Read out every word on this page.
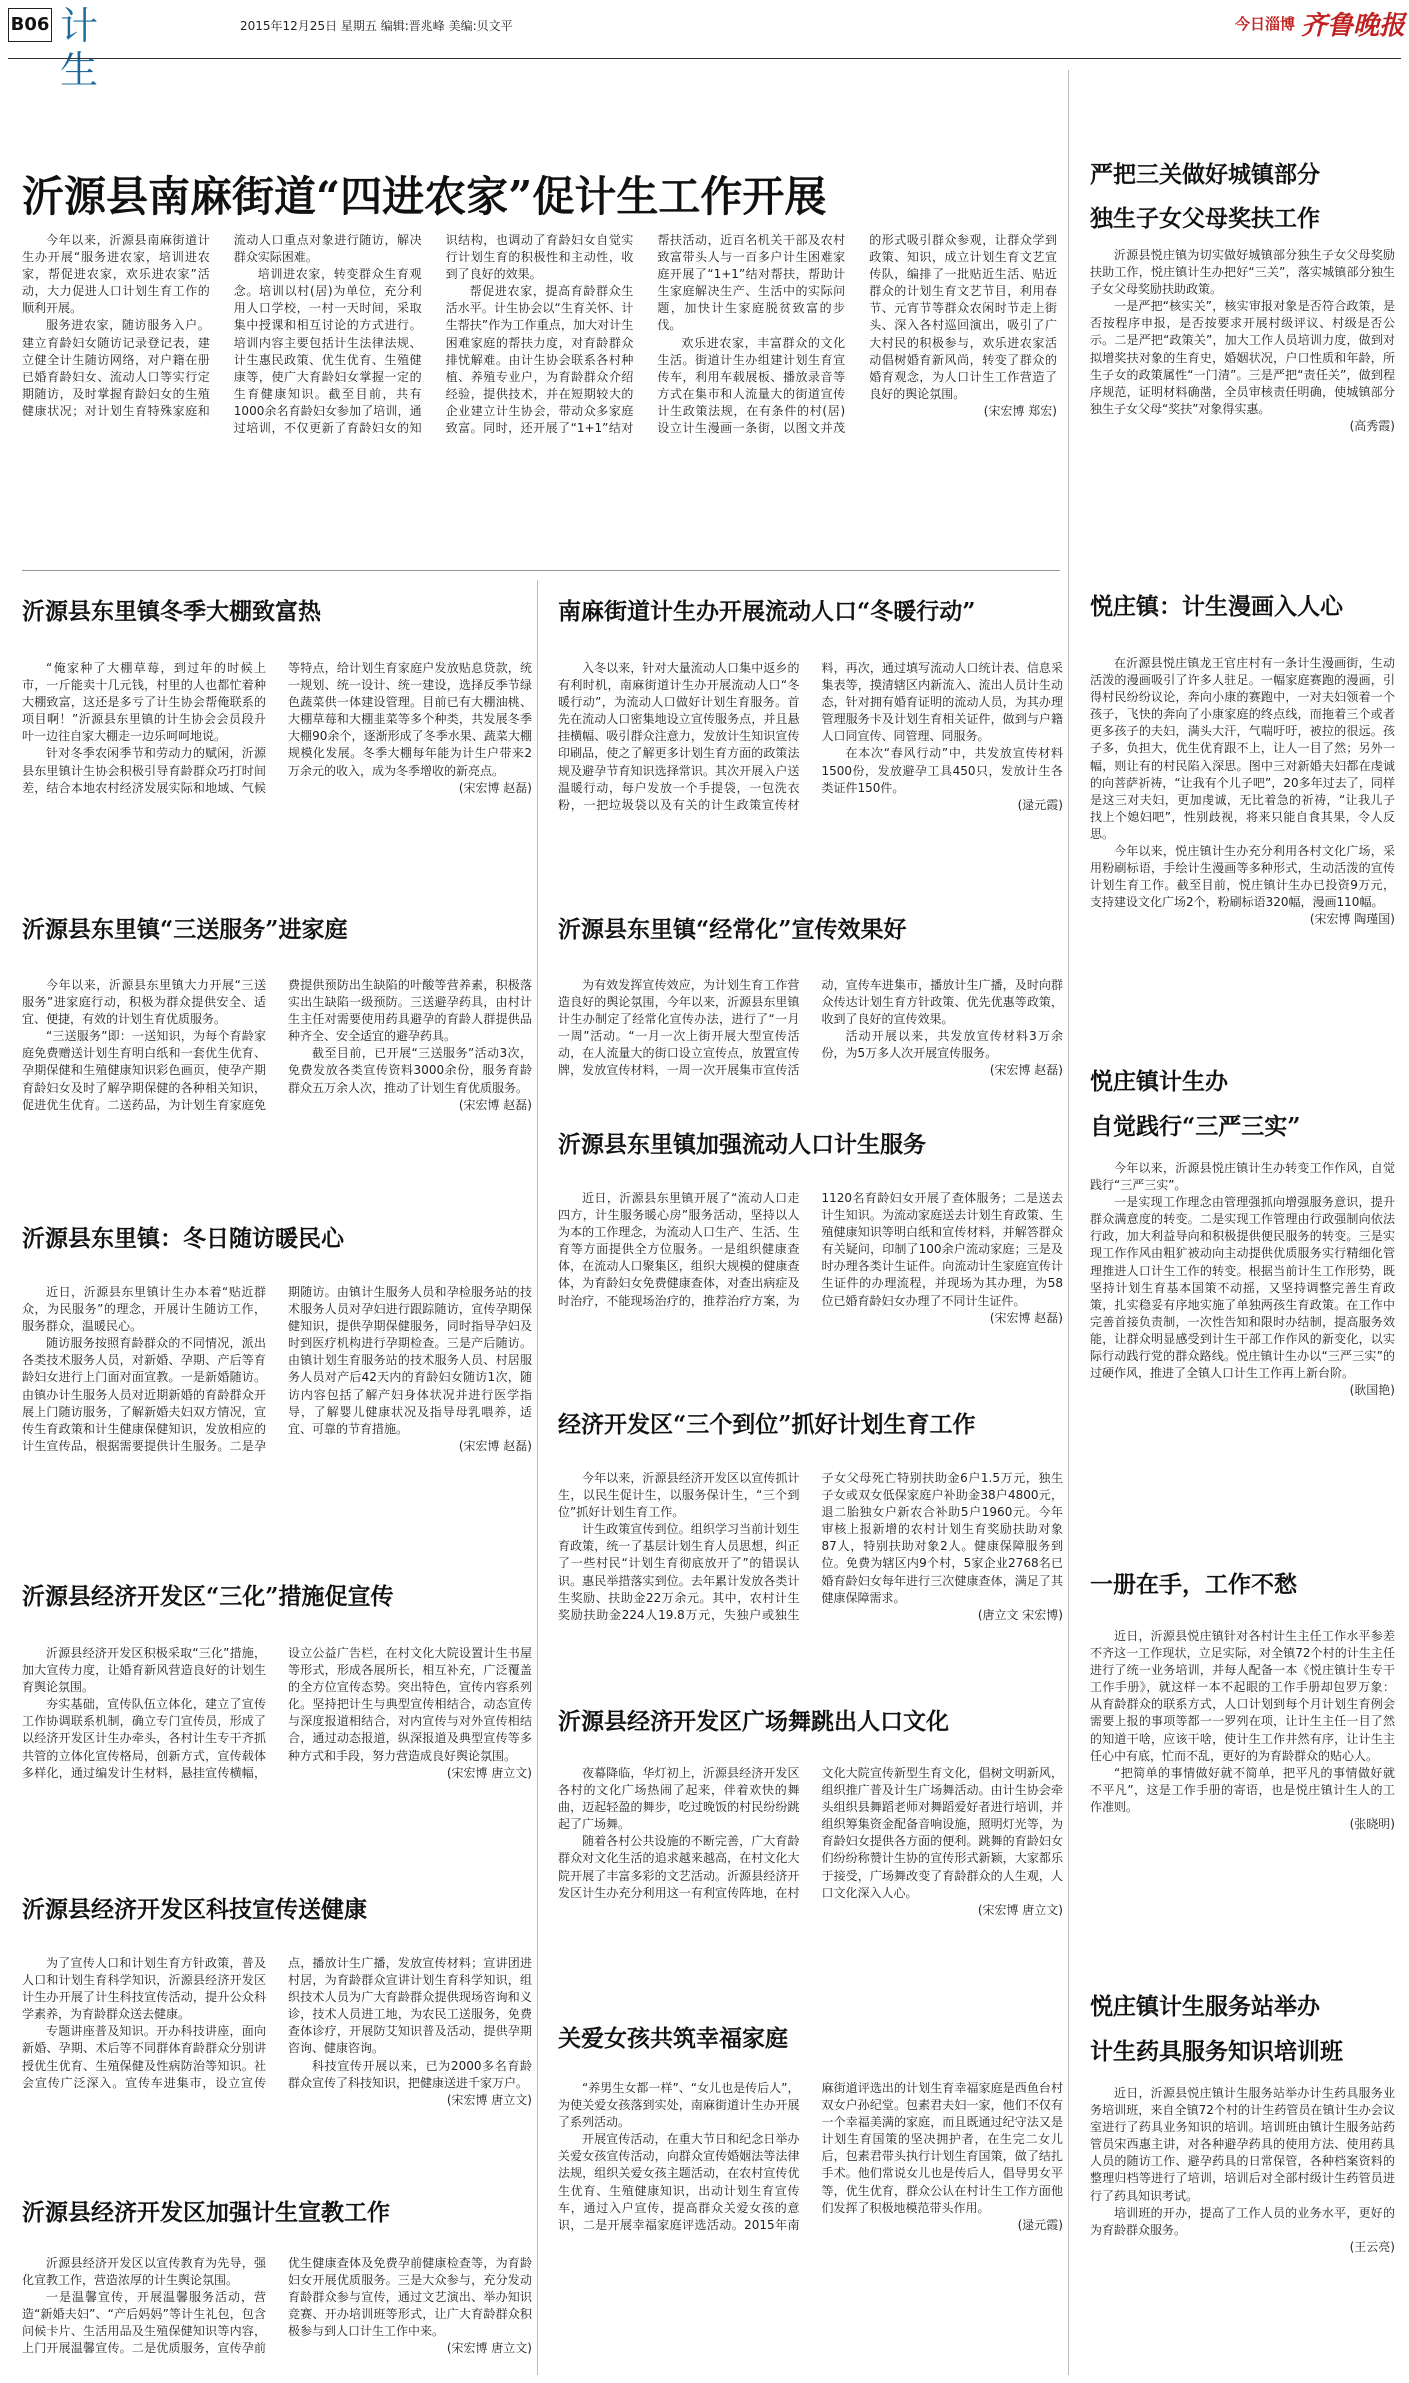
B06 计生
2015年12月25日 星期五 编辑:晋兆峰 美编:贝文平	今日淄博 齐鲁晚报
沂源县南麻街道“四进农家”促计生工作开展

今年以来，沂源县南麻街道计生办开展“服务进农家，培训进农家，帮促进农家，欢乐进农家”活动，大力促进人口计划生育工作的顺利开展。

服务进农家，随访服务入户。建立育龄妇女随访记录登记表，建立健全计生随访网络，对户籍在册已婚育龄妇女、流动人口等实行定期随访，及时掌握育龄妇女的生殖健康状况；对计划生育特殊家庭和流动人口重点对象进行随访，解决群众实际困难。

培训进农家，转变群众生育观念。培训以村(居)为单位，充分利用人口学校，一村一天时间，采取集中授课和相互讨论的方式进行。培训内容主要包括计生法律法规、计生惠民政策、优生优育、生殖健康等，使广大育龄妇女掌握一定的生育健康知识。截至目前，共有1000余名育龄妇女参加了培训，通过培训，不仅更新了育龄妇女的知识结构，也调动了育龄妇女自觉实行计划生育的积极性和主动性，收到了良好的效果。

帮促进农家，提高育龄群众生活水平。计生协会以“生育关怀、计生帮扶”作为工作重点，加大对计生困难家庭的帮扶力度，对育龄群众排忧解难。由计生协会联系各村种植、养殖专业户，为育龄群众介绍经验，提供技术，并在短期较大的企业建立计生协会，带动众多家庭致富。同时，还开展了“1+1”结对帮扶活动，近百名机关干部及农村致富带头人与一百多户计生困难家庭开展了“1+1”结对帮扶，帮助计生家庭解决生产、生活中的实际问题，加快计生家庭脱贫致富的步伐。

欢乐进农家，丰富群众的文化生活。街道计生办组建计划生育宣传车，利用车载展板、播放录音等方式在集市和人流量大的街道宣传计生政策法规，在有条件的村(居)设立计生漫画一条街，以图文并茂的形式吸引群众参观，让群众学到政策、知识，成立计划生育文艺宣传队，编排了一批贴近生活、贴近群众的计划生育文艺节目，利用春节、元宵节等群众农闲时节走上街头、深入各村巡回演出，吸引了广大村民的积极参与，欢乐进农家活动倡树婚育新风尚，转变了群众的婚育观念，为人口计生工作营造了良好的舆论氛围。

(宋宏博 郑宏)
沂源县东里镇冬季大棚致富热

“俺家种了大棚草莓，到过年的时候上市，一斤能卖十几元钱，村里的人也都忙着种大棚致富，这还是多亏了计生协会帮俺联系的项目啊！”沂源县东里镇的计生协会会员段升叶一边往自家大棚走一边乐呵呵地说。

针对冬季农闲季节和劳动力的赋闲，沂源县东里镇计生协会积极引导育龄群众巧打时间差，结合本地农村经济发展实际和地域、气候等特点，给计划生育家庭户发放贴息贷款，统一规划、统一设计、统一建设，选择反季节绿色蔬菜供一体建设管理。目前已有大棚油桃、大棚草莓和大棚韭菜等多个种类，共发展冬季大棚90余个，逐渐形成了冬季水果、蔬菜大棚规模化发展。冬季大棚每年能为计生户带来2万余元的收入，成为冬季增收的新亮点。

(宋宏博 赵磊)
沂源县东里镇“三送服务”进家庭

今年以来，沂源县东里镇大力开展“三送服务”进家庭行动，积极为群众提供安全、适宜、便捷，有效的计划生育优质服务。

“三送服务”即：一送知识，为每个育龄家庭免费赠送计划生育明白纸和一套优生优育、孕期保健和生殖健康知识彩色画页，使孕产期育龄妇女及时了解孕期保健的各种相关知识，促进优生优育。二送药品，为计划生育家庭免费提供预防出生缺陷的叶酸等营养素，积极落实出生缺陷一级预防。三送避孕药具，由村计生主任对需要使用药具避孕的育龄人群提供品种齐全、安全适宜的避孕药具。

截至目前，已开展“三送服务”活动3次，免费发放各类宣传资料3000余份，服务育龄群众五万余人次，推动了计划生育优质服务。

(宋宏博 赵磊)
沂源县东里镇：冬日随访暖民心

近日，沂源县东里镇计生办本着“贴近群众，为民服务”的理念，开展计生随访工作，服务群众，温暖民心。

随访服务按照育龄群众的不同情况，派出各类技术服务人员，对新婚、孕期、产后等育龄妇女进行上门面对面宣教。一是新婚随访。由镇办计生服务人员对近期新婚的育龄群众开展上门随访服务，了解新婚夫妇双方情况，宣传生育政策和计生健康保健知识，发放相应的计生宣传品，根据需要提供计生服务。二是孕期随访。由镇计生服务人员和孕检服务站的技术服务人员对孕妇进行跟踪随访，宣传孕期保健知识，提供孕期保健服务，同时指导孕妇及时到医疗机构进行孕期检查。三是产后随访。由镇计划生育服务站的技术服务人员、村居服务人员对产后42天内的育龄妇女随访1次，随访内容包括了解产妇身体状况并进行医学指导，了解婴儿健康状况及指导母乳喂养，适宜、可靠的节育措施。

(宋宏博 赵磊)
沂源县经济开发区“三化”措施促宣传

沂源县经济开发区积极采取“三化”措施，加大宣传力度，让婚育新风营造良好的计划生育舆论氛围。

夯实基础，宣传队伍立体化，建立了宣传工作协调联系机制，确立专门宣传员，形成了以经济开发区计生办牵头，各村计生专干齐抓共管的立体化宣传格局，创新方式，宣传载体多样化，通过编发计生材料，悬挂宣传横幅，设立公益广告栏，在村文化大院设置计生书屋等形式，形成各展所长，相互补充，广泛覆盖的全方位宣传态势。突出特色，宣传内容系列化。坚持把计生与典型宣传相结合，动态宣传与深度报道相结合，对内宣传与对外宣传相结合，通过动态报道，纵深报道及典型宣传等多种方式和手段，努力营造成良好舆论氛围。

(宋宏博 唐立文)
沂源县经济开发区科技宣传送健康

为了宣传人口和计划生育方针政策，普及人口和计划生育科学知识，沂源县经济开发区计生办开展了计生科技宣传活动，提升公众科学素养，为育龄群众送去健康。

专题讲座普及知识。开办科技讲座，面向新婚、孕期、术后等不同群体育龄群众分别讲授优生优育、生殖保健及性病防治等知识。社会宣传广泛深入。宣传车进集市，设立宣传点，播放计生广播，发放宣传材料；宣讲团进村居，为育龄群众宣讲计划生育科学知识，组织技术人员为广大育龄群众提供现场咨询和义诊，技术人员进工地，为农民工送服务，免费查体诊疗，开展防艾知识普及活动，提供孕期咨询、健康咨询。

科技宣传开展以来，已为2000多名育龄群众宣传了科技知识，把健康送进千家万户。

(宋宏博 唐立文)
沂源县经济开发区加强计生宣教工作

沂源县经济开发区以宣传教育为先导，强化宣教工作，营造浓厚的计生舆论氛围。

一是温馨宣传，开展温馨服务活动，营造“新婚夫妇”、“产后妈妈”等计生礼包，包含问候卡片、生活用品及生殖保健知识等内容，上门开展温馨宣传。二是优质服务，宣传孕前优生健康查体及免费孕前健康检查等，为育龄妇女开展优质服务。三是大众参与，充分发动育龄群众参与宣传，通过文艺演出、举办知识竞赛、开办培训班等形式，让广大育龄群众积极参与到人口计生工作中来。

(宋宏博 唐立文)
南麻街道计生办开展流动人口“冬暖行动”

入冬以来，针对大量流动人口集中返乡的有利时机，南麻街道计生办开展流动人口“冬暖行动”，为流动人口做好计划生育服务。首先在流动人口密集地设立宣传服务点，并且悬挂横幅、吸引群众注意力，发放计生知识宣传印刷品，使之了解更多计划生育方面的政策法规及避孕节育知识选择常识。其次开展入户送温暖行动，每户发放一个手提袋，一包洗衣粉，一把垃圾袋以及有关的计生政策宣传材料，再次，通过填写流动人口统计表、信息采集表等，摸清辖区内新流入、流出人员计生动态，针对拥有婚育证明的流动人员，为其办理管理服务卡及计划生育相关证件，做到与户籍人口同宣传、同管理、同服务。

在本次“春风行动”中，共发放宣传材料1500份，发放避孕工具450只，发放计生各类证件150件。

(逯元霞)
沂源县东里镇“经常化”宣传效果好

为有效发挥宣传效应，为计划生育工作营造良好的舆论氛围，今年以来，沂源县东里镇计生办制定了经常化宣传办法，进行了“一月一周”活动。“一月一次上街开展大型宣传活动，在人流量大的街口设立宣传点，放置宣传牌，发放宣传材料，一周一次开展集市宣传活动，宣传车进集市，播放计生广播，及时向群众传达计划生育方针政策、优先优惠等政策，收到了良好的宣传效果。

活动开展以来，共发放宣传材料3万余份，为5万多人次开展宣传服务。

(宋宏博 赵磊)
沂源县东里镇加强流动人口计生服务

近日，沂源县东里镇开展了“流动人口走四方，计生服务暖心房”服务活动，坚持以人为本的工作理念，为流动人口生产、生活、生育等方面提供全方位服务。一是组织健康查体，在流动人口聚集区，组织大规模的健康查体，为育龄妇女免费健康查体，对查出病症及时治疗，不能现场治疗的，推荐治疗方案，为1120名育龄妇女开展了查体服务；二是送去计生知识。为流动家庭送去计划生育政策、生殖健康知识等明白纸和宣传材料，并解答群众有关疑问，印制了100余户流动家庭；三是及时办理各类计生证件。向流动计生家庭宣传计生证件的办理流程，并现场为其办理，为58位已婚育龄妇女办理了不同计生证件。

(宋宏博 赵磊)
经济开发区“三个到位”抓好计划生育工作

今年以来，沂源县经济开发区以宣传抓计生，以民生促计生，以服务保计生，“三个到位”抓好计划生育工作。

计生政策宣传到位。组织学习当前计划生育政策，统一了基层计划生育人员思想，纠正了一些村民“计划生育彻底放开了”的错误认识。惠民举措落实到位。去年累计发放各类计生奖励、扶助金22万余元。其中，农村计生奖励扶助金224人19.8万元，失独户或独生子女父母死亡特别扶助金6户1.5万元，独生子女或双女低保家庭户补助金38户4800元，退二胎独女户新农合补助5户1960元。今年审核上报新增的农村计划生育奖励扶助对象87人，特别扶助对象2人。健康保障服务到位。免费为辖区内9个村，5家企业2768名已婚育龄妇女每年进行三次健康查体，满足了其健康保障需求。

(唐立文 宋宏博)
沂源县经济开发区广场舞跳出人口文化

夜幕降临，华灯初上，沂源县经济开发区各村的文化广场热闹了起来，伴着欢快的舞曲，迈起轻盈的舞步，吃过晚饭的村民纷纷跳起了广场舞。

随着各村公共设施的不断完善，广大育龄群众对文化生活的追求越来越高，在村文化大院开展了丰富多彩的文艺活动。沂源县经济开发区计生办充分利用这一有利宣传阵地，在村文化大院宣传新型生育文化，倡树文明新风，组织推广普及计生广场舞活动。由计生协会牵头组织县舞蹈老师对舞蹈爱好者进行培训，并组织筹集资金配备音响设施，照明灯光等，为育龄妇女提供各方面的便利。跳舞的育龄妇女们纷纷称赞计生协的宣传形式新颖，大家都乐于接受，广场舞改变了育龄群众的人生观，人口文化深入人心。

(宋宏博 唐立文)
关爱女孩共筑幸福家庭

“养男生女都一样”、“女儿也是传后人”，为使关爱女孩落到实处，南麻街道计生办开展了系列活动。

开展宣传活动，在重大节日和纪念日举办关爱女孩宣传活动，向群众宣传婚姻法等法律法规，组织关爱女孩主题活动，在农村宣传优生优育、生殖健康知识，出动计划生育宣传车，通过入户宣传，提高群众关爱女孩的意识，二是开展幸福家庭评选活动。2015年南麻街道评选出的计划生育幸福家庭是西鱼台村双女户孙纪堂。包素君夫妇一家，他们不仅有一个幸福美满的家庭，而且既通过纪守法又是计划生育国策的坚决拥护者，在生完二女儿后，包素君带头执行计划生育国策，做了结扎手术。他们常说女儿也是传后人，倡导男女平等，优生优育，群众公认在村计生工作方面他们发挥了积极地模范带头作用。

(逯元霞)
严把三关做好城镇部分
独生子女父母奖扶工作

沂源县悦庄镇为切实做好城镇部分独生子女父母奖励扶助工作，悦庄镇计生办把好“三关”，落实城镇部分独生子女父母奖励扶助政策。

一是严把“核实关”，核实审报对象是否符合政策，是否按程序申报，是否按要求开展村级评议、村级是否公示。二是严把“政策关”，加大工作人员培训力度，做到对拟增奖扶对象的生育史，婚姻状况，户口性质和年龄，所生子女的政策属性“一门清”。三是严把“责任关”，做到程序规范，证明材料确凿，全员审核责任明确，使城镇部分独生子女父母“奖扶”对象得实惠。

(高秀霞)
悦庄镇：计生漫画入人心

在沂源县悦庄镇龙王官庄村有一条计生漫画街，生动活泼的漫画吸引了许多人驻足。一幅家庭赛跑的漫画，引得村民纷纷议论，奔向小康的赛跑中，一对夫妇领着一个孩子，飞快的奔向了小康家庭的终点线，而拖着三个或者更多孩子的夫妇，满头大汗，气喘吁吁，被拉的很远。孩子多，负担大，优生优育跟不上，让人一目了然；另外一幅，则让有的村民陷入深思。图中三对新婚夫妇都在虔诚的向菩萨祈祷，“让我有个儿子吧”，20多年过去了，同样是这三对夫妇，更加虔诚，无比着急的祈祷，“让我儿子找上个媳妇吧”，性别歧视，将来只能自食其果，令人反思。

今年以来，悦庄镇计生办充分利用各村文化广场，采用粉刷标语，手绘计生漫画等多种形式，生动活泼的宣传计划生育工作。截至目前，悦庄镇计生办已投资9万元，支持建设文化广场2个，粉刷标语320幅，漫画110幅。

(宋宏博 陶瑾国)
悦庄镇计生办
自觉践行“三严三实”

今年以来，沂源县悦庄镇计生办转变工作作风，自觉践行“三严三实”。

一是实现工作理念由管理强抓向增强服务意识，提升群众满意度的转变。二是实现工作管理由行政强制向依法行政，加大利益导向和积极提供便民服务的转变。三是实现工作作风由粗犷被动向主动提供优质服务实行精细化管理推进人口计生工作的转变。根据当前计生工作形势，既坚持计划生育基本国策不动摇，又坚持调整完善生育政策，扎实稳妥有序地实施了单独两孩生育政策。在工作中完善首接负责制，一次性告知和限时办结制，提高服务效能，让群众明显感受到计生干部工作作风的新变化，以实际行动践行党的群众路线。悦庄镇计生办以“三严三实”的过硬作风，推进了全镇人口计生工作再上新台阶。

(耿国艳)
一册在手，工作不愁

近日，沂源县悦庄镇针对各村计生主任工作水平参差不齐这一工作现状，立足实际，对全镇72个村的计生主任进行了统一业务培训，并每人配备一本《悦庄镇计生专干工作手册》，就这样一本不起眼的工作手册却包罗万象：从育龄群众的联系方式，人口计划到每个月计划生育例会需要上报的事项等都一一罗列在项，让计生主任一目了然的知道干啥，应该干啥，使计生工作井然有序，让计生主任心中有底，忙而不乱，更好的为育龄群众的贴心人。

“把简单的事情做好就不简单，把平凡的事情做好就不平凡”，这是工作手册的寄语，也是悦庄镇计生人的工作准则。

(张晓明)
悦庄镇计生服务站举办
计生药具服务知识培训班

近日，沂源县悦庄镇计生服务站举办计生药具服务业务培训班，来自全镇72个村的计生药管员在镇计生办会议室进行了药具业务知识的培训。培训班由镇计生服务站药管员宋西惠主讲，对各种避孕药具的使用方法、使用药具人员的随访工作、避孕药具的日常保管，各种档案资料的整理归档等进行了培训，培训后对全部村级计生药管员进行了药具知识考试。

培训班的开办，提高了工作人员的业务水平，更好的为育龄群众服务。

(王云亮)
